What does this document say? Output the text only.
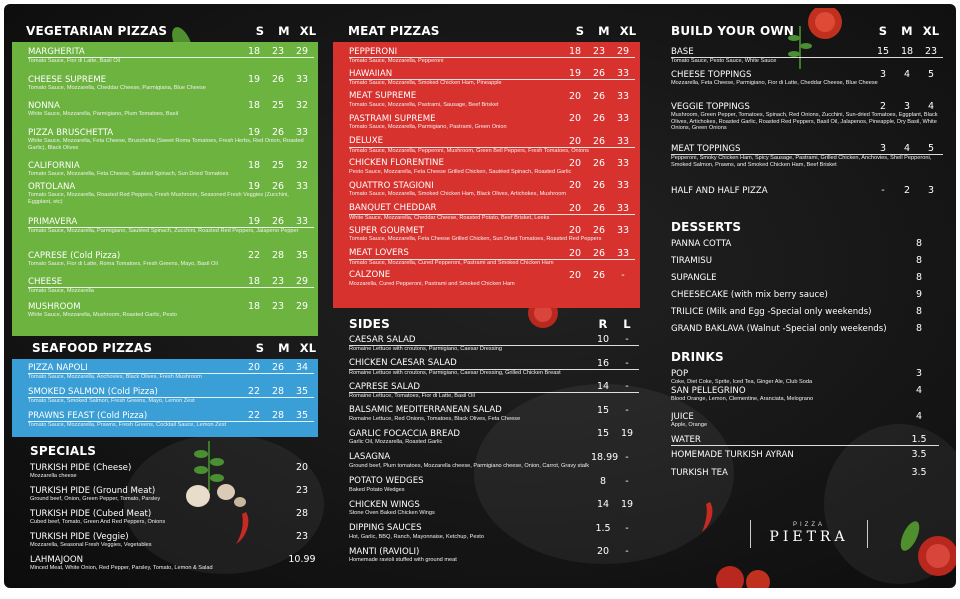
VEGETARIAN PIZZAS	S	M XL
MARGHERITA	18	23	29
Tomato Sauce, Fior di Latte, Basil Oil
CHEESE SUPREME	19	26	33
Tomato Sauce, Mozzarella, Cheddar Cheese, Parmigiana, Blue Cheese
NONNA	18	25	32
White Sauce, Mozzarella, Parmigiano, Plum Tomatoes, Basil
PIZZA BRUSCHETTA	19	26	33
White Sauce, Mozzarella, Feta Cheese, Bruschetta (Sweet Roma Tomatoes, Fresh Herbs, Red Onion, Roasted Garlic), Black Olives
CALIFORNIA	18	25	32
Tomato Sauce, Mozzarella, Feta Cheese, Sautéed Spinach, Sun Dried Tomatoes
ORTOLANA	19	26	33
Tomato Sauce, Mozzarella, Roasted Red Peppers, Fresh Mushroom, Seasoned Fresh Veggies (Zucchini, Eggplant, etc)
PRIMAVERA	19	26	33
Tomato Sauce, Mozzarella, Parmigiano, Sautéed Spinach, Zucchini, Roasted Red Peppers, Jalapeno Pepper
CAPRESE (Cold Pizza)	22	28	35
Tomato Sauce, Fior di Latte, Roma Tomatoes, Fresh Greens, Mayo, Basil Oil
CHEESE	18	23	29
Tomato Sauce, Mozzarella
MUSHROOM	18	23	29
White Sauce, Mozzarella, Mushroom, Roasted Garlic, Pesto
SEAFOOD PIZZAS	S	M XL
PIZZA NAPOLI	20	26	34
Tomato Sauce, Mozzarella, Anchovies, Black Olives, Fresh Mushroom
SMOKED SALMON (Cold Pizza)	22	28	35
Tomato Sauce, Smoked Salmon, Fresh Greens, Mayo, Lemon Zest
PRAWNS FEAST (Cold Pizza)	22	28	35
Tomato Sauce, Mozzarella, Prawns, Fresh Greens, Cocktail Sauce, Lemon Zest
SPECIALS
TURKISH PIDE (Cheese)	20
Mozzarella cheese
TURKISH PIDE (Ground Meat)	23
Ground beef, Onion, Green Pepper, Tomato, Parsley
TURKISH PIDE (Cubed Meat)	28
Cubed beef, Tomato, Green And Red Peppers, Onions
TURKISH PIDE (Veggie)	23
Mozzarella, Seasonal Fresh Veggies, Vegetables
LAHMAJOON	10.99
Minced Meat, White Onion, Red Pepper, Parsley, Tomato, Lemon & Salad
MEAT PIZZAS	S	M XL
PEPPERONI	18	23	29
Tomato Sauce, Mozzarella, Pepperoni
HAWAIIAN	19	26	33
Tomato Sauce, Mozzarella, Smoked Chicken Ham, Pineapple
MEAT SUPREME	20	26	33
Tomato Sauce, Mozzarella, Pastrami, Sausage, Beef Brisket
PASTRAMI SUPREME	20	26	33
Tomato Sauce, Mozzarella, Parmigiano, Pastrami, Green Onion
DELUXE	20	26	33
Tomato Sauce, Mozzarella, Pepperoni, Mushroom, Green Bell Peppers, Fresh Tomatoes, Onions
CHICKEN FLORENTINE	20	26	33
Pesto Sauce, Mozzarella, Feta Cheese Grilled Chicken, Sautéed Spinach, Roasted Garlic
QUATTRO STAGIONI	20	26	33
Tomato Sauce, Mozzarella, Smoked Chicken Ham, Black Olives, Artichokes, Mushroom
BANQUET CHEDDAR	20	26	33
White Sauce, Mozzarella, Cheddar Cheese, Roasted Potato, Beef Brisket, Leeks
SUPER GOURMET	20	26	33
Tomato Sauce, Mozzarella, Feta Cheese Grilled Chicken, Sun Dried Tomatoes, Roasted Red Peppers
MEAT LOVERS	20	26	33
Tomato Sauce, Mozzarella, Cured Pepperoni, Pastrami and Smoked Chicken Ham
CALZONE	20	26	-
Mozzarella, Cured Pepperoni, Pastrami and Smoked Chicken Ham
SIDES	R	L
CAESAR SALAD	10	-
Romaine Lettuce with croutons, Parmigiano, Caesar Dressing
CHICKEN CAESAR SALAD	16	-
Romaine Lettuce with croutons, Parmigiano, Caesar Dressing, Grilled Chicken Breast
CAPRESE SALAD	14	-
Romaine Lettuce, Tomatoes, Fior di Latte, Basil Oil
BALSAMIC MEDITERRANEAN SALAD	15	-
Romaine Lettuce, Red Onions, Tomatoes, Black Olives, Feta Cheese
GARLIC FOCACCIA BREAD	15	19
Garlic Oil, Mozzarella, Roasted Garlic
LASAGNA	18.99 -
Ground beef, Plum tomatoes, Mozzarella cheese, Parmigiano cheese, Onion, Carrot, Gravy stalk
POTATO WEDGES	8	-
Baked Potato Wedges
CHICKEN WINGS	14	19
Stone Oven Baked Chicken Wings
DIPPING SAUCES	1.5	-
Hot, Garlic, BBQ, Ranch, Mayonnaise, Ketchup, Pesto
MANTI (RAVIOLI)	20	-
Homemade ravioli stuffed with ground meat
BUILD YOUR OWN	S	M XL
BASE	15	18	23
Tomato Sauce, Pesto Sauce, White Sauce
CHEESE TOPPINGS	3	4	5
Mozzarella, Feta Cheese, Parmigiano, Fior di Latte, Cheddar Cheese, Blue Cheese
VEGGIE TOPPINGS	2	3	4
Mushroom, Green Pepper, Tomatoes, Spinach, Red Onions, Zucchini, Sun-dried Tomatoes, Eggplant, Black Olives, Artichokes, Roasted Garlic, Roasted Red Peppers, Basil Oil, Jalapenos, Pineapple, Dry Basil, White Onions, Green Onions
MEAT TOPPINGS	3	4	5
Pepperoni, Smoky Chicken Ham, Spicy Sausage, Pastrami, Grilled Chicken, Anchovies, Shell Pepperoni, Smoked Salmon, Prawns, and Smoked Chicken Ham, Beef Brisket
HALF AND HALF PIZZA	-	2	3
DESSERTS
PANNA COTTA	8
TIRAMISU	8
SUPANGLE	8
CHEESECAKE (with mix berry sauce)	9
TRILICE (Milk and Egg -Special only weekends)	8
GRAND BAKLAVA (Walnut -Special only weekends)	8
DRINKS
POP	3
Coke, Diet Coke, Sprite, Iced Tea, Ginger Ale, Club Soda
SAN PELLEGRINO	4
Blood Orange, Lemon, Clementine, Aranciata, Melograno
JUICE	4
Apple, Orange
WATER	1.5
HOMEMADE TURKISH AYRAN	3.5
TURKISH TEA	3.5
PIZZA
PIETRA
